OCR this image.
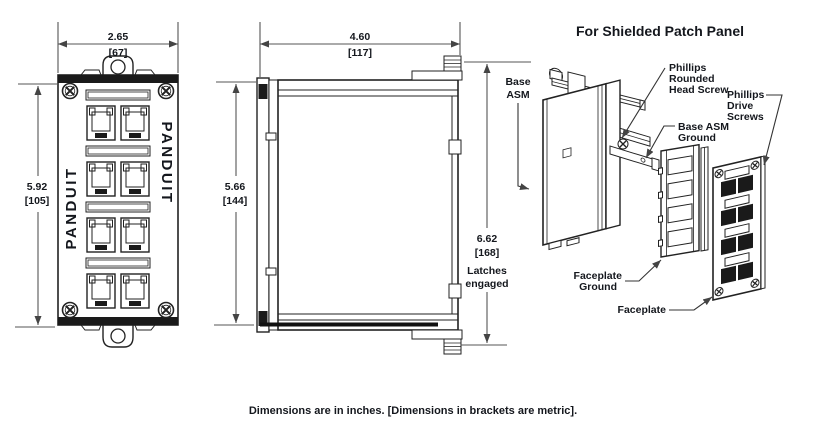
PANDUIT
PANDUIT
2.65
[67]
5.92
[105]
4.60
[117]
5.66
[144]
6.62
[168]
Latches
engaged
For Shielded Patch Panel
Base
ASM
Phillips
Rounded
Head Screw
Base ASM
Ground
Phillips
Drive
Screws
Faceplate
Ground
Faceplate
Dimensions are in inches. [Dimensions in brackets are metric].
